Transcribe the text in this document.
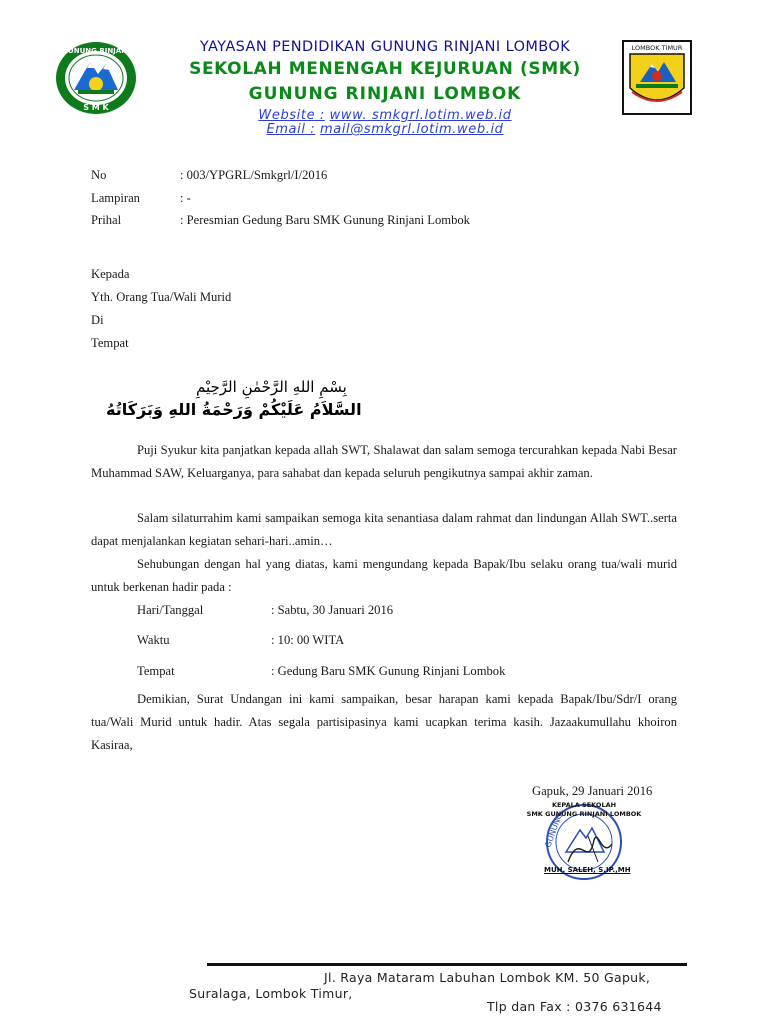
GUNUNG RINJANI
S M K
YAYASAN PENDIDIKAN GUNUNG RINJANI LOMBOK
SEKOLAH MENENGAH KEJURUAN (SMK)
GUNUNG RINJANI LOMBOK
Website : www. smkgrl.lotim.web.id
Email : mail@smkgrl.lotim.web.id
LOMBOK TIMUR
No	: 003/YPGRL/Smkgrl/I/2016
Lampiran	: -
Prihal	: Peresmian Gedung Baru SMK Gunung Rinjani Lombok
Kepada
Yth. Orang Tua/Wali Murid
Di
Tempat
بِسْمِ اللهِ الرَّحْمٰنِ الرَّحِيْمِ
السَّلاَمُ عَلَيْكُمْ وَرَحْمَةُ اللهِ وَبَرَكَاتُهُ
Puji Syukur kita panjatkan kepada allah SWT, Shalawat dan salam semoga tercurahkan kepada Nabi Besar Muhammad SAW, Keluarganya, para sahabat dan kepada seluruh pengikutnya sampai akhir zaman.
Salam silaturrahim kami sampaikan semoga kita senantiasa dalam rahmat dan lindungan Allah SWT..serta dapat menjalankan kegiatan sehari-hari..amin…
Sehubungan dengan hal yang diatas, kami mengundang kepada Bapak/Ibu selaku orang tua/wali murid untuk berkenan hadir pada :
Hari/Tanggal	: Sabtu, 30 Januari 2016
Waktu	: 10: 00 WITA
Tempat	: Gedung Baru SMK Gunung Rinjani Lombok
Demikian, Surat Undangan ini kami sampaikan, besar harapan kami kepada Bapak/Ibu/Sdr/I orang tua/Wali Murid untuk hadir. Atas segala partisipasinya kami ucapkan terima kasih. Jazaakumullahu khoiron Kasiraa,
Gapuk, 29 Januari 2016
GUNUNG
KEPALA SEKOLAH
SMK GUNUNG RINJANI LOMBOK
MUH. SALEH, S.IP.,MH
Jl. Raya Mataram Labuhan Lombok KM. 50 Gapuk,
Suralaga, Lombok Timur,
Tlp dan Fax : 0376 631644
